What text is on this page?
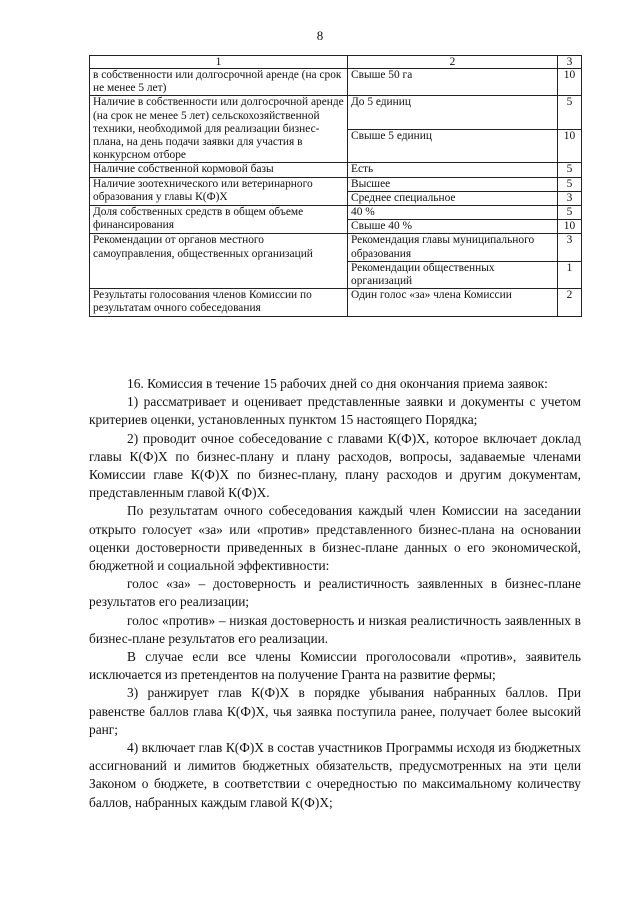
8
1	2	3
в собственности или долгосрочной аренде (на срок не менее 5 лет)	Свыше 50 га	10
Наличие в собственности или долгосрочной аренде (на срок не менее 5 лет) сельскохозяйственной техники, необходимой для реализации бизнес-плана, на день подачи заявки для участия в конкурсном отборе	До 5 единиц	5
	Свыше 5 единиц	10
Наличие собственной кормовой базы	Есть	5
Наличие зоотехнического или ветеринарного образования у главы К(Ф)Х	Высшее	5
	Среднее специальное	3
Доля собственных средств в общем объеме финансирования	40 %	5
	Свыше 40 %	10
Рекомендации от органов местного самоуправления, общественных организаций	Рекомендация главы муниципального образования	3
	Рекомендации общественных организаций	1
Результаты голосования членов Комиссии по результатам очного собеседования	Один голос «за» члена Комиссии	2

16. Комиссия в течение 15 рабочих дней со дня окончания приема заявок:

1) рассматривает и оценивает представленные заявки и документы с учетом критериев оценки, установленных пунктом 15 настоящего Порядка;

2) проводит очное собеседование с главами К(Ф)Х, которое включает доклад главы К(Ф)Х по бизнес-плану и плану расходов, вопросы, задаваемые членами Комиссии главе К(Ф)Х по бизнес-плану, плану расходов и другим документам, представленным главой К(Ф)Х.

По результатам очного собеседования каждый член Комиссии на заседании открыто голосует «за» или «против» представленного бизнес-плана на основании оценки достоверности приведенных в бизнес-плане данных о его экономической, бюджетной и социальной эффективности:

голос «за» – достоверность и реалистичность заявленных в бизнес-плане результатов его реализации;

голос «против» – низкая достоверность и низкая реалистичность заявленных в бизнес-плане результатов его реализации.

В случае если все члены Комиссии проголосовали «против», заявитель исключается из претендентов на получение Гранта на развитие фермы;

3) ранжирует глав К(Ф)Х в порядке убывания набранных баллов. При равенстве баллов глава К(Ф)Х, чья заявка поступила ранее, получает более высокий ранг;

4) включает глав К(Ф)Х в состав участников Программы исходя из бюджетных ассигнований и лимитов бюджетных обязательств, предусмотренных на эти цели Законом о бюджете, в соответствии с очередностью по максимальному количеству баллов, набранных каждым главой К(Ф)Х;
